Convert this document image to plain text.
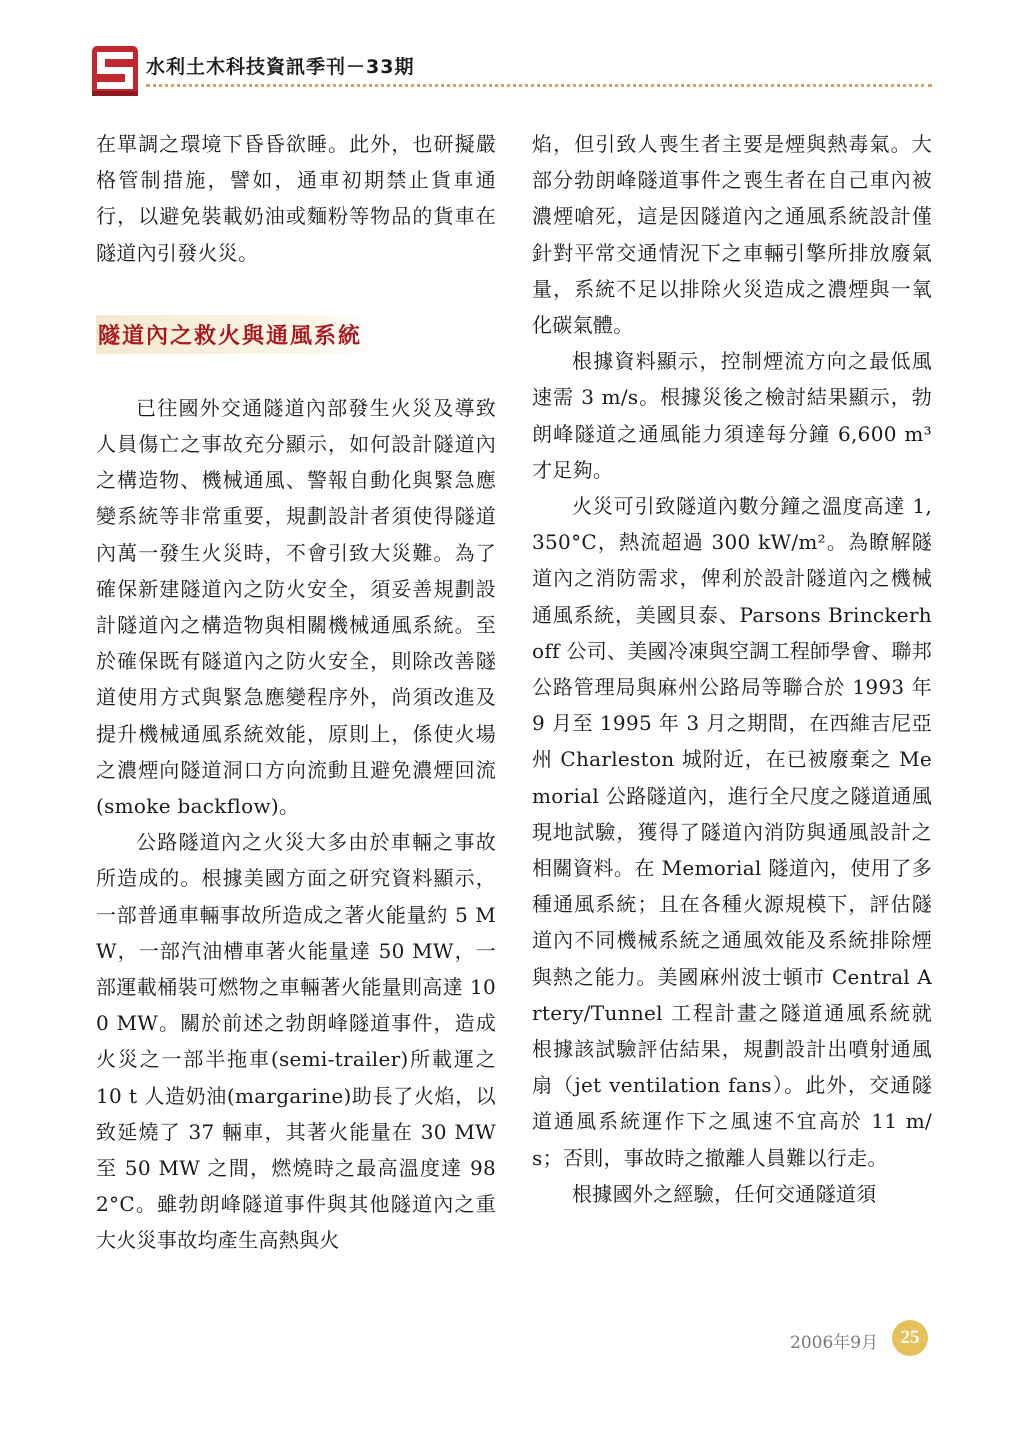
水利土木科技資訊季刊－33期

在單調之環境下昏昏欲睡。此外，也研擬嚴格管制措施，譬如，通車初期禁止貨車通行，以避免裝載奶油或麵粉等物品的貨車在隧道內引發火災。

隧道內之救火與通風系統

已往國外交通隧道內部發生火災及導致人員傷亡之事故充分顯示，如何設計隧道內之構造物、機械通風、警報自動化與緊急應變系統等非常重要，規劃設計者須使得隧道內萬一發生火災時，不會引致大災難。為了確保新建隧道內之防火安全，須妥善規劃設計隧道內之構造物與相關機械通風系統。至於確保既有隧道內之防火安全，則除改善隧道使用方式與緊急應變程序外，尚須改進及提升機械通風系統效能，原則上，係使火場之濃煙向隧道洞口方向流動且避免濃煙回流(smoke backflow)。

公路隧道內之火災大多由於車輛之事故所造成的。根據美國方面之研究資料顯示，一部普通車輛事故所造成之著火能量約 5 MW，一部汽油槽車著火能量達 50 MW，一部運載桶裝可燃物之車輛著火能量則高達 100 MW。關於前述之勃朗峰隧道事件，造成火災之一部半拖車(semi-trailer)所載運之 10 t 人造奶油(margarine)助長了火焰，以致延燒了 37 輛車，其著火能量在 30 MW 至 50 MW 之間，燃燒時之最高溫度達 982°C。雖勃朗峰隧道事件與其他隧道內之重大火災事故均產生高熱與火

焰，但引致人喪生者主要是煙與熱毒氣。大部分勃朗峰隧道事件之喪生者在自己車內被濃煙嗆死，這是因隧道內之通風系統設計僅針對平常交通情況下之車輛引擎所排放廢氣量，系統不足以排除火災造成之濃煙與一氧化碳氣體。

根據資料顯示，控制煙流方向之最低風速需 3 m/s。根據災後之檢討結果顯示，勃朗峰隧道之通風能力須達每分鐘 6,600 m³ 才足夠。

火災可引致隧道內數分鐘之溫度高達 1,350°C，熱流超過 300 kW/m²。為瞭解隧道內之消防需求，俾利於設計隧道內之機械通風系統，美國貝泰、Parsons Brinckerhoff 公司、美國冷凍與空調工程師學會、聯邦公路管理局與麻州公路局等聯合於 1993 年 9 月至 1995 年 3 月之期間，在西維吉尼亞州 Charleston 城附近，在已被廢棄之 Memorial 公路隧道內，進行全尺度之隧道通風現地試驗，獲得了隧道內消防與通風設計之相關資料。在 Memorial 隧道內，使用了多種通風系統；且在各種火源規模下，評估隧道內不同機械系統之通風效能及系統排除煙與熱之能力。美國麻州波士頓市 Central Artery/Tunnel 工程計畫之隧道通風系統就根據該試驗評估結果，規劃設計出噴射通風扇（jet ventilation fans）。此外，交通隧道通風系統運作下之風速不宜高於 11 m/s；否則，事故時之撤離人員難以行走。

根據國外之經驗，任何交通隧道須

2006年9月	25
